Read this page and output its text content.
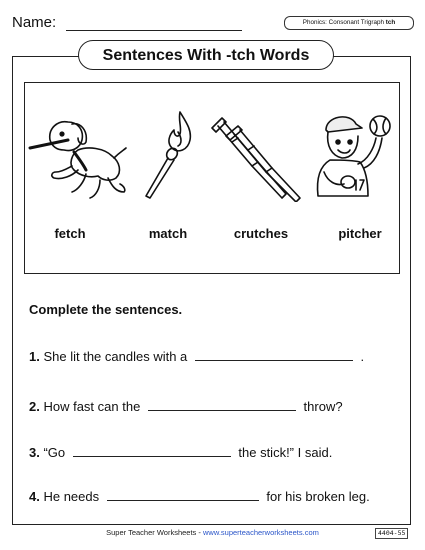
Name:	Phonics: Consonant Trigraph tch
Sentences With -tch Words
fetch	match	crutches	pitcher
Complete the sentences.
1. She lit the candles with a	.
2. How fast can the	throw?
3. “Go	the stick!” I said.
4. He needs	for his broken leg.
Super Teacher Worksheets - www.superteacherworksheets.com	4404-55
